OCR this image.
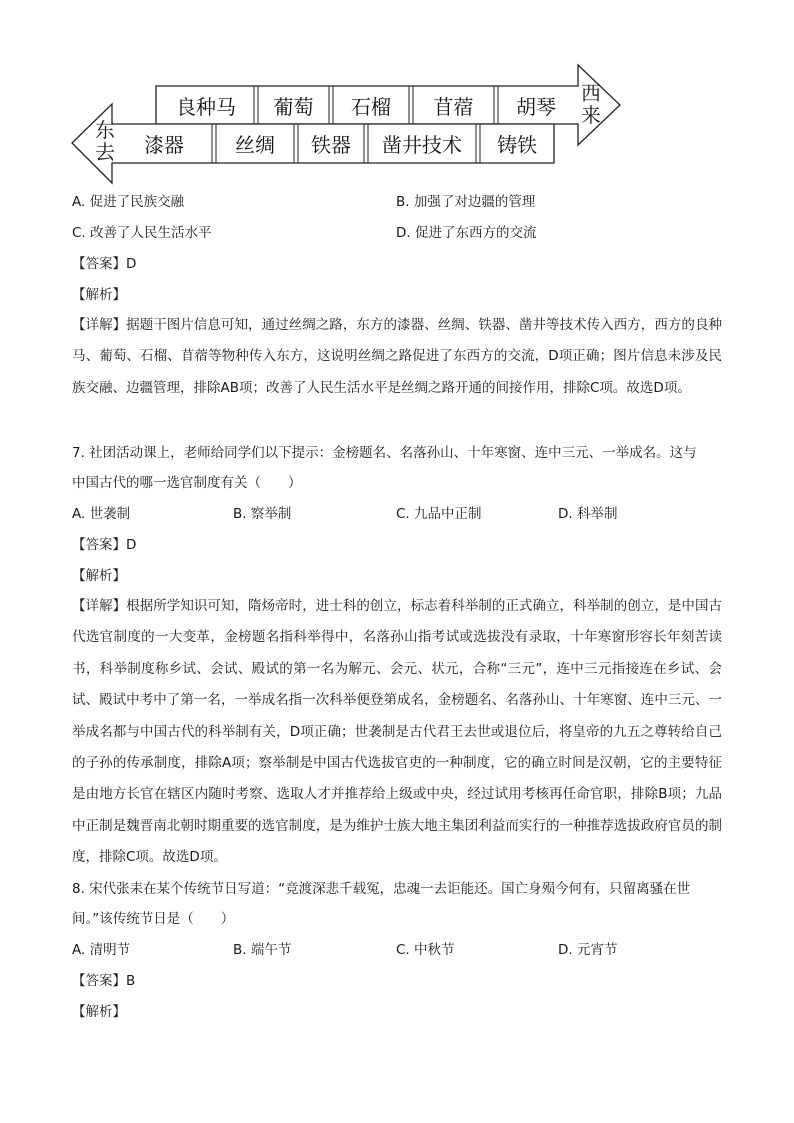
良种马	葡萄	石榴	苜蓿	胡琴
西来
漆器	丝绸	铁器	凿井技术	铸铁
东去
A. 促进了民族交融	B. 加强了对边疆的管理
C. 改善了人民生活水平	D. 促进了东西方的交流
【答案】D
【解析】
【详解】据题干图片信息可知，通过丝绸之路，东方的漆器、丝绸、铁器、凿井等技术传入西方，西方的良种马、葡萄、石榴、苜蓿等物种传入东方，这说明丝绸之路促进了东西方的交流，D项正确；图片信息未涉及民族交融、边疆管理，排除AB项；改善了人民生活水平是丝绸之路开通的间接作用，排除C项。故选D项。
7. 社团活动课上，老师给同学们以下提示：金榜题名、名落孙山、十年寒窗、连中三元、一举成名。这与
中国古代的哪一选官制度有关（　　）
A. 世袭制	B. 察举制	C. 九品中正制	D. 科举制
【答案】D
【解析】
【详解】根据所学知识可知，隋炀帝时，进士科的创立，标志着科举制的正式确立，科举制的创立，是中国古代选官制度的一大变革，金榜题名指科举得中，名落孙山指考试或选拔没有录取，十年寒窗形容长年刻苦读书，科举制度称乡试、会试、殿试的第一名为解元、会元、状元，合称“三元”，连中三元指接连在乡试、会试、殿试中考中了第一名，一举成名指一次科举便登第成名，金榜题名、名落孙山、十年寒窗、连中三元、一举成名都与中国古代的科举制有关，D项正确；世袭制是古代君王去世或退位后，将皇帝的九五之尊转给自己的子孙的传承制度，排除A项；察举制是中国古代选拔官吏的一种制度，它的确立时间是汉朝，它的主要特征是由地方长官在辖区内随时考察、选取人才并推荐给上级或中央，经过试用考核再任命官职，排除B项；九品中正制是魏晋南北朝时期重要的选官制度，是为维护士族大地主集团利益而实行的一种推荐选拔政府官员的制度，排除C项。故选D项。
8. 宋代张耒在某个传统节日写道：“竞渡深悲千载冤，忠魂一去讵能还。国亡身殒今何有，只留离骚在世
间。”该传统节日是（　　）
A. 清明节	B. 端午节	C. 中秋节	D. 元宵节
【答案】B
【解析】
